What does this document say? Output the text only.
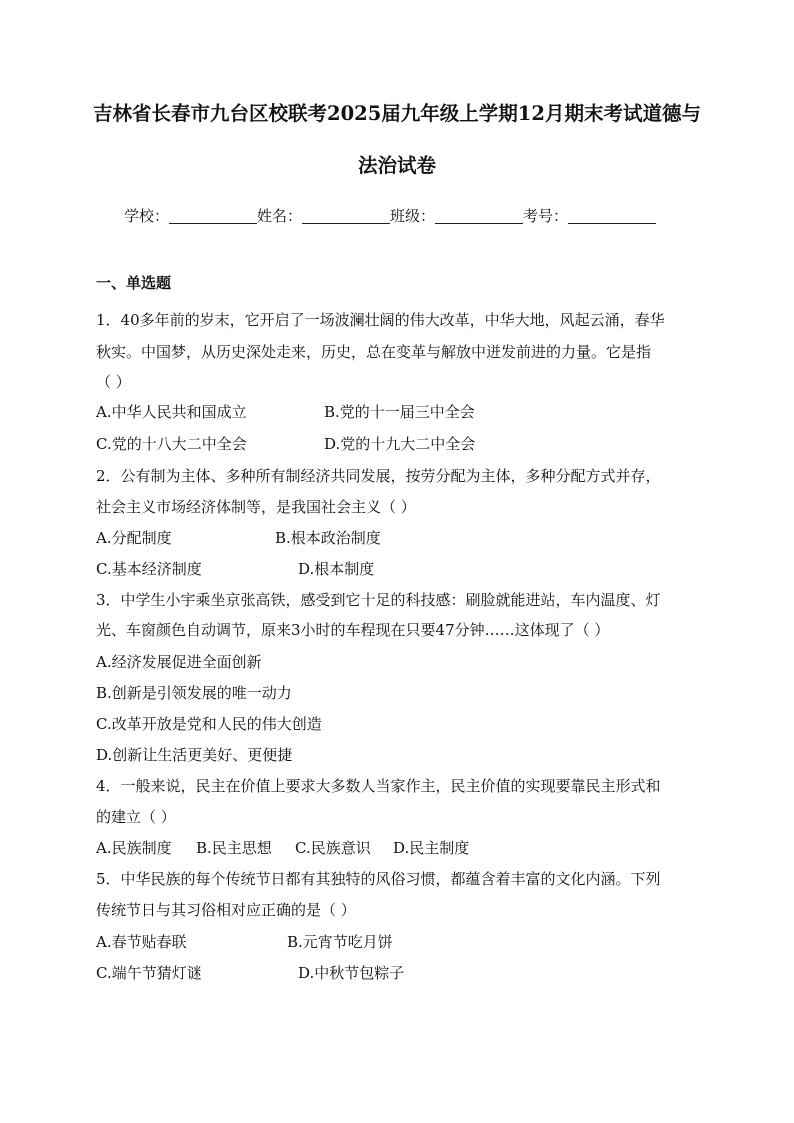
吉林省长春市九台区校联考2025届九年级上学期12月期末考试道德与
法治试卷
学校：	姓名：	班级：	考号：
一、单选题
1．40多年前的岁末，它开启了一场波澜壮阔的伟大改革，中华大地，风起云涌，春华
秋实。中国梦，从历史深处走来，历史，总在变革与解放中迸发前进的力量。它是指
（ ）
A.中华人民共和国成立	B.党的十一届三中全会
C.党的十八大二中全会	D.党的十九大二中全会
2．公有制为主体、多种所有制经济共同发展，按劳分配为主体，多种分配方式并存，
社会主义市场经济体制等，是我国社会主义（ ）
A.分配制度	B.根本政治制度
C.基本经济制度	D.根本制度
3．中学生小宇乘坐京张高铁，感受到它十足的科技感：刷脸就能进站，车内温度、灯
光、车窗颜色自动调节，原来3小时的车程现在只要47分钟……这体现了（ ）
A.经济发展促进全面创新
B.创新是引领发展的唯一动力
C.改革开放是党和人民的伟大创造
D.创新让生活更美好、更便捷
4．一般来说，民主在价值上要求大多数人当家作主，民主价值的实现要靠民主形式和
的建立（ ）
A.民族制度 B.民主思想 C.民族意识 D.民主制度
5．中华民族的每个传统节日都有其独特的风俗习惯，都蕴含着丰富的文化内涵。下列
传统节日与其习俗相对应正确的是（ ）
A.春节贴春联	B.元宵节吃月饼
C.端午节猜灯谜	D.中秋节包粽子
